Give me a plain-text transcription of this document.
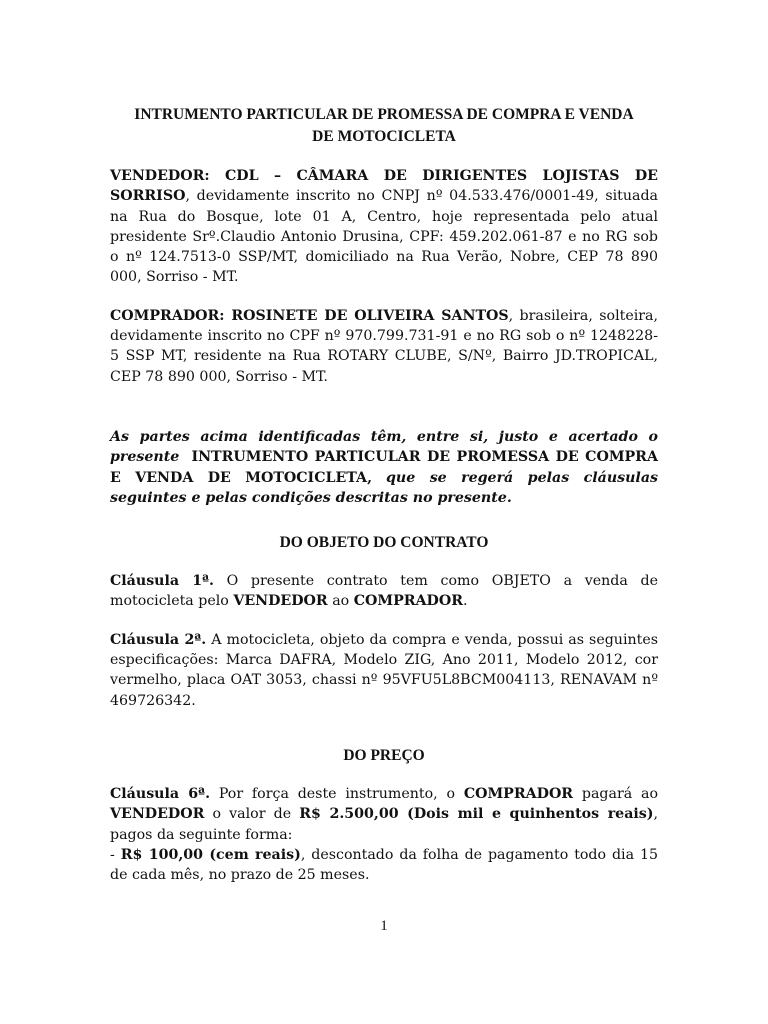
INTRUMENTO PARTICULAR DE PROMESSA DE COMPRA E VENDA
DE MOTOCICLETA

VENDEDOR: CDL – CÂMARA DE DIRIGENTES LOJISTAS DE SORRISO, devidamente inscrito no CNPJ nº 04.533.476/0001-49, situada na Rua do Bosque, lote 01 A, Centro, hoje representada pelo atual presidente Srº.Claudio Antonio Drusina, CPF: 459.202.061-87 e no RG sob o nº 124.7513-0 SSP/MT, domiciliado na Rua Verão, Nobre, CEP 78 890 000, Sorriso - MT.

COMPRADOR: ROSINETE DE OLIVEIRA SANTOS, brasileira, solteira, devidamente inscrito no CPF nº 970.799.731-91 e no RG sob o nº 1248228-5 SSP MT, residente na Rua ROTARY CLUBE, S/Nº, Bairro JD.TROPICAL, CEP 78 890 000, Sorriso - MT.

As partes acima identificadas têm, entre si, justo e acertado o presente INTRUMENTO PARTICULAR DE PROMESSA DE COMPRA E VENDA DE MOTOCICLETA, que se regerá pelas cláusulas seguintes e pelas condições descritas no presente.

DO OBJETO DO CONTRATO

Cláusula 1ª. O presente contrato tem como OBJETO a venda de motocicleta pelo VENDEDOR ao COMPRADOR.

Cláusula 2ª. A motocicleta, objeto da compra e venda, possui as seguintes especificações: Marca DAFRA, Modelo ZIG, Ano 2011, Modelo 2012, cor vermelho, placa OAT 3053, chassi nº 95VFU5L8BCM004113, RENAVAM nº 469726342.

DO PREÇO

Cláusula 6ª. Por força deste instrumento, o COMPRADOR pagará ao VENDEDOR o valor de R$ 2.500,00 (Dois mil e quinhentos reais), pagos da seguinte forma:
- R$ 100,00 (cem reais), descontado da folha de pagamento todo dia 15 de cada mês, no prazo de 25 meses.

1
